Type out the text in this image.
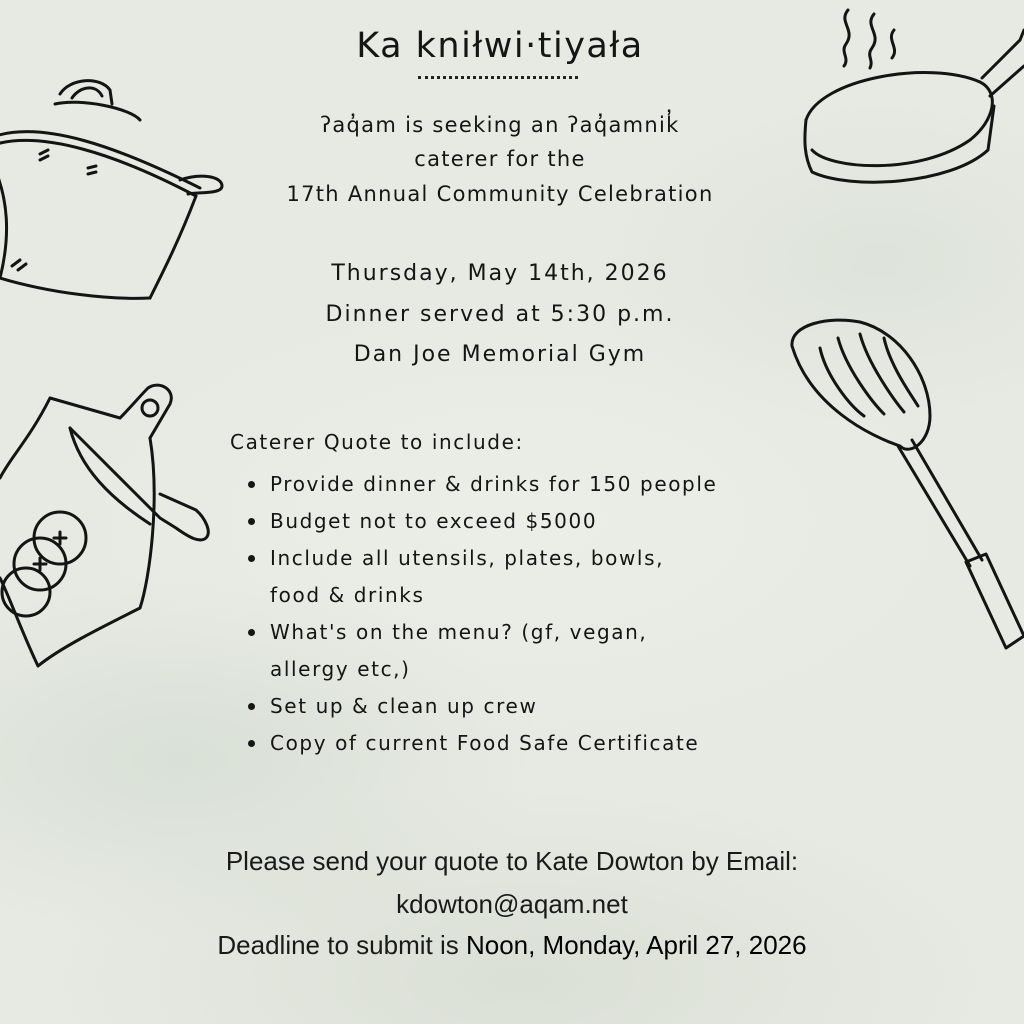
Ka kniłwi·tiyała
ʔaq̓am is seeking an ʔaq̓amnik̓
caterer for the
17th Annual Community Celebration
Thursday, May 14th, 2026
Dinner served at 5:30 p.m.
Dan Joe Memorial Gym
Caterer Quote to include:
Provide dinner & drinks for 150 people
Budget not to exceed $5000
Include all utensils, plates, bowls,
food & drinks
What's on the menu? (gf, vegan,
allergy etc,)
Set up & clean up crew
Copy of current Food Safe Certificate
Please send your quote to Kate Dowton by Email:
kdowton@aqam.net
Deadline to submit is Noon, Monday, April 27, 2026
